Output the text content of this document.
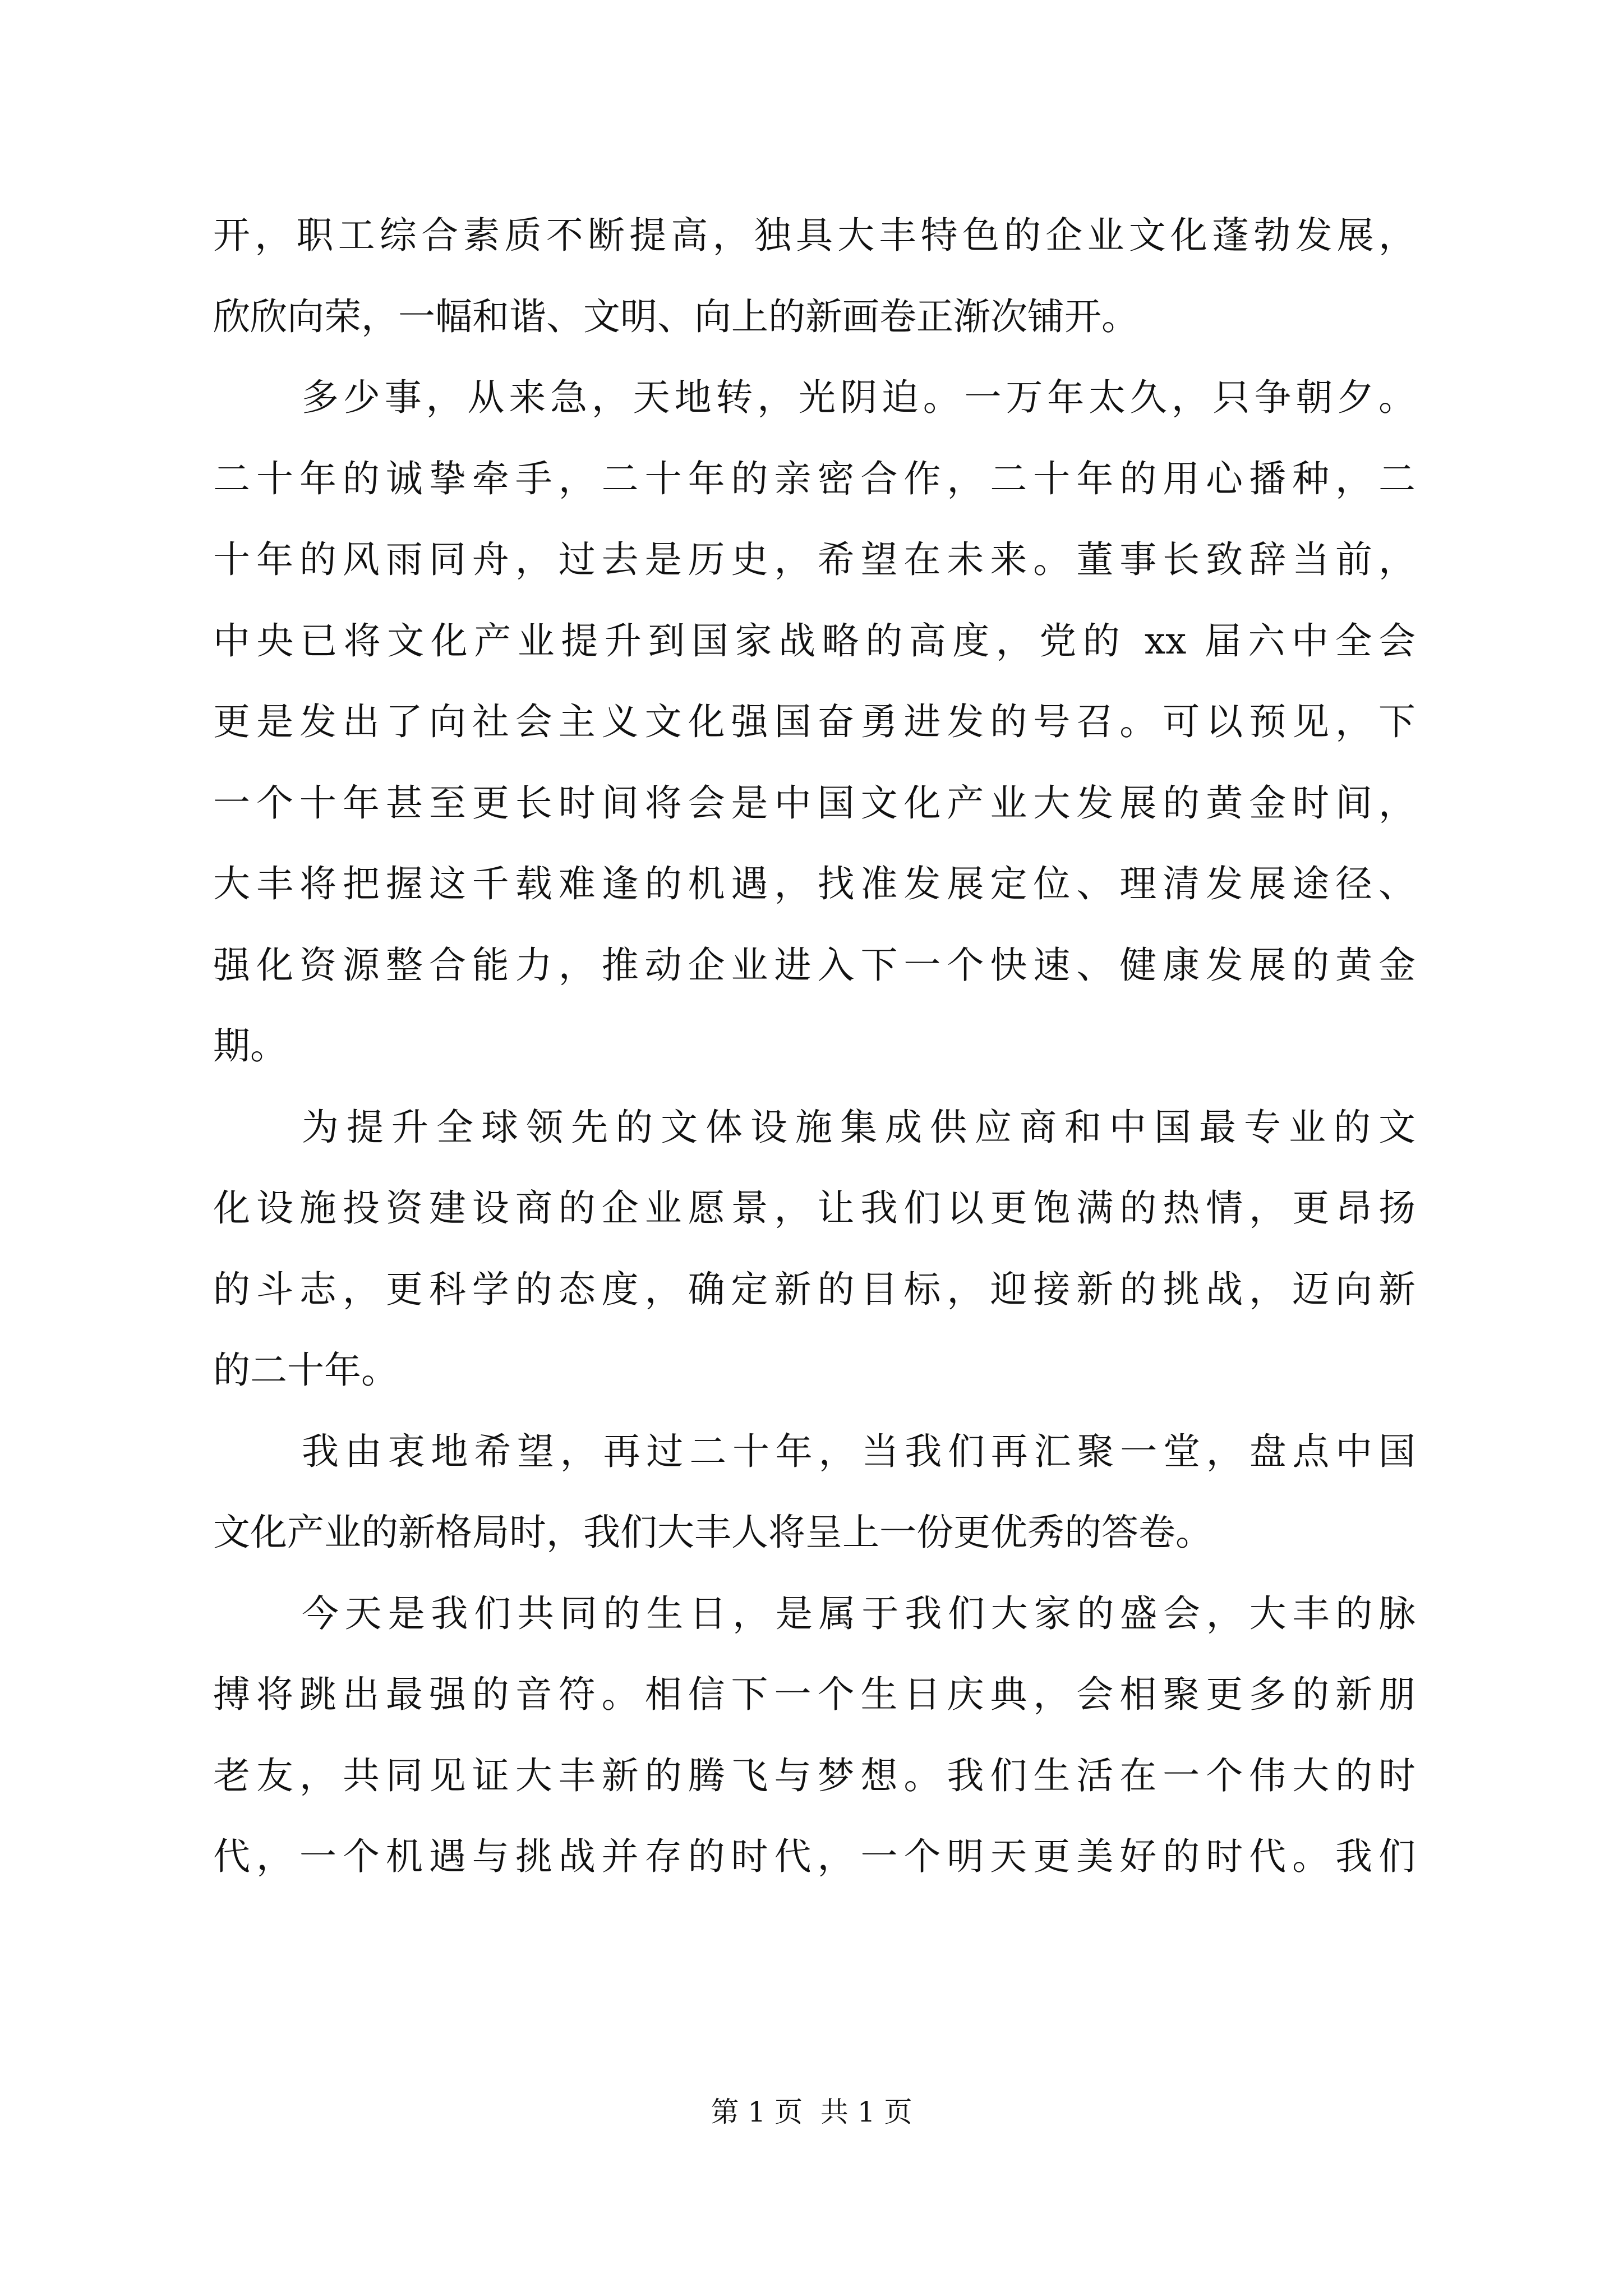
开，职工综合素质不断提高，独具大丰特色的企业文化蓬勃发展，
欣欣向荣，一幅和谐、文明、向上的新画卷正渐次铺开。
多少事，从来急，天地转，光阴迫。一万年太久，只争朝夕。
二十年的诚挚牵手，二十年的亲密合作，二十年的用心播种，二
十年的风雨同舟，过去是历史，希望在未来。董事长致辞当前，
中央已将文化产业提升到国家战略的高度，党的 xx 届六中全会
更是发出了向社会主义文化强国奋勇进发的号召。可以预见，下
一个十年甚至更长时间将会是中国文化产业大发展的黄金时间，
大丰将把握这千载难逢的机遇，找准发展定位、理清发展途径、
强化资源整合能力，推动企业进入下一个快速、健康发展的黄金
期。
为提升全球领先的文体设施集成供应商和中国最专业的文
化设施投资建设商的企业愿景，让我们以更饱满的热情，更昂扬
的斗志，更科学的态度，确定新的目标，迎接新的挑战，迈向新
的二十年。
我由衷地希望，再过二十年，当我们再汇聚一堂，盘点中国
文化产业的新格局时，我们大丰人将呈上一份更优秀的答卷。
今天是我们共同的生日，是属于我们大家的盛会，大丰的脉
搏将跳出最强的音符。相信下一个生日庆典，会相聚更多的新朋
老友，共同见证大丰新的腾飞与梦想。我们生活在一个伟大的时
代，一个机遇与挑战并存的时代，一个明天更美好的时代。我们
第 1 页  共 1 页
